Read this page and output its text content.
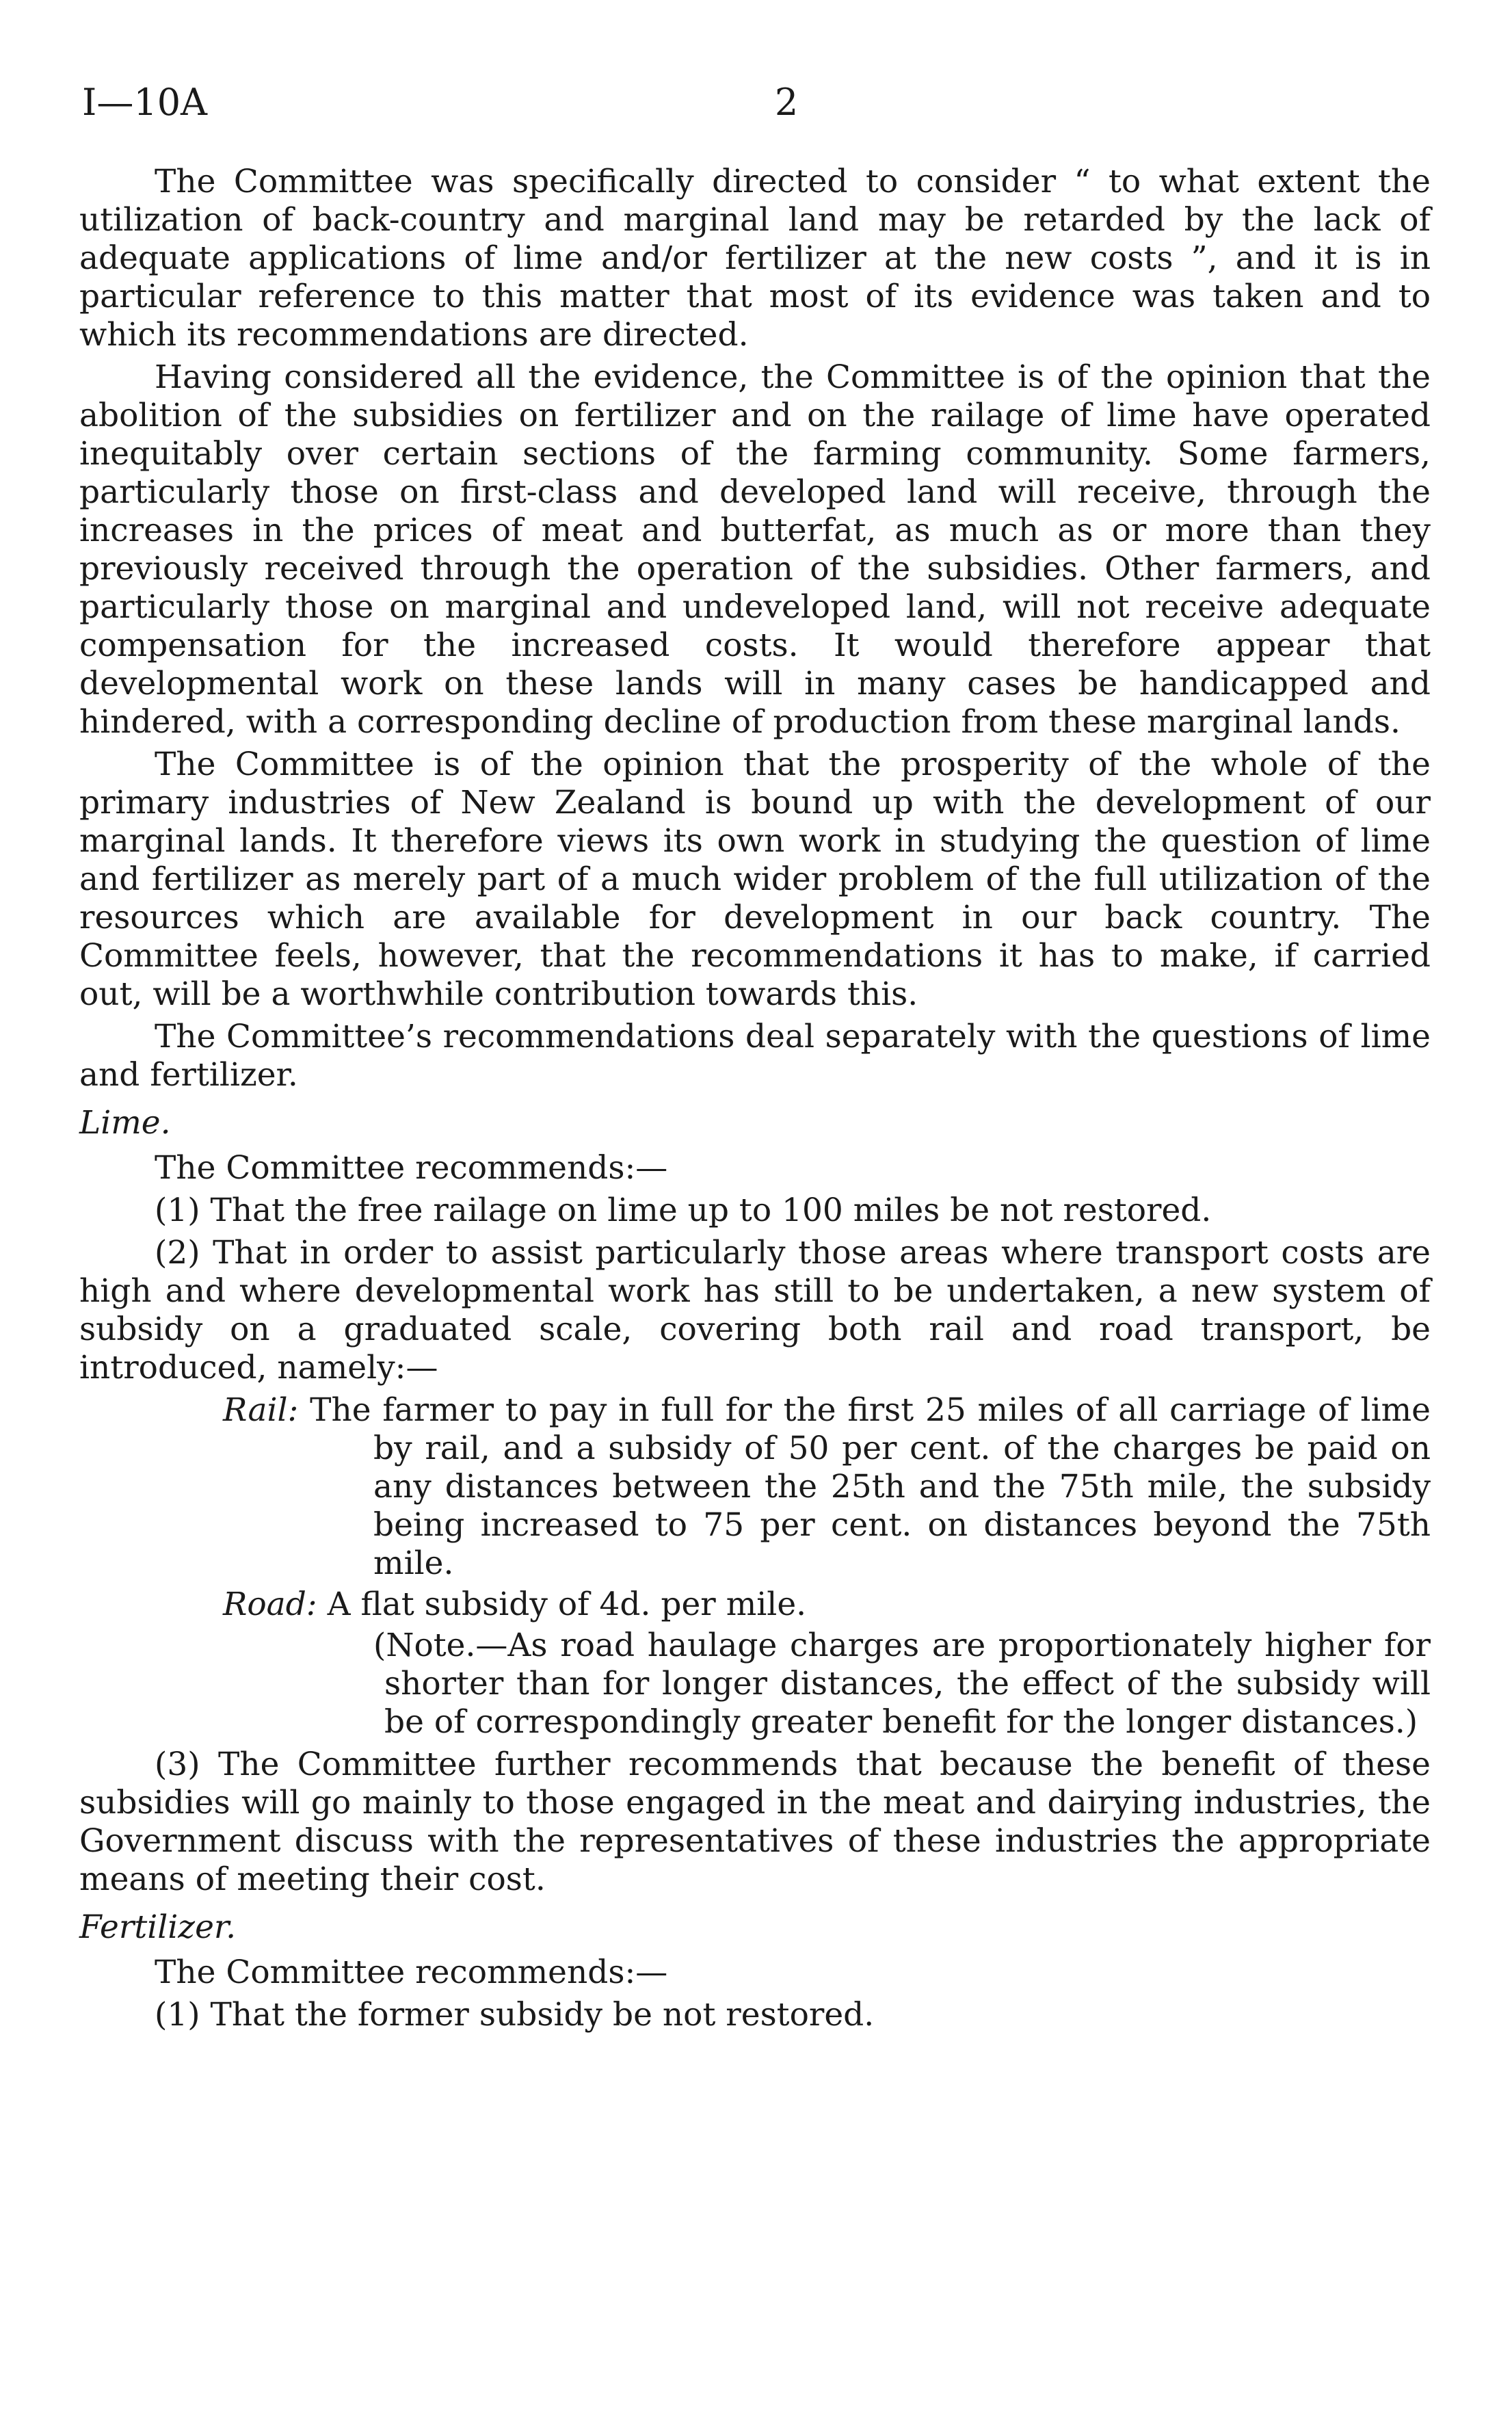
I—10A	2

The Committee was specifically directed to consider “ to what extent the utilization of back-country and marginal land may be retarded by the lack of adequate applications of lime and/or fertilizer at the new costs ”, and it is in particular reference to this matter that most of its evidence was taken and to which its recommendations are directed.

Having considered all the evidence, the Committee is of the opinion that the abolition of the subsidies on fertilizer and on the railage of lime have operated inequitably over certain sections of the farming community. Some farmers, particularly those on first-class and developed land will receive, through the increases in the prices of meat and butterfat, as much as or more than they previously received through the operation of the subsidies. Other farmers, and particularly those on marginal and undeveloped land, will not receive adequate compensation for the increased costs. It would therefore appear that developmental work on these lands will in many cases be handicapped and hindered, with a corresponding decline of production from these marginal lands.

The Committee is of the opinion that the prosperity of the whole of the primary industries of New Zealand is bound up with the development of our marginal lands. It therefore views its own work in studying the question of lime and fertilizer as merely part of a much wider problem of the full utilization of the resources which are available for development in our back country. The Committee feels, however, that the recommendations it has to make, if carried out, will be a worthwhile contribution towards this.

The Committee’s recommendations deal separately with the questions of lime and fertilizer.

Lime.

The Committee recommends:—

(1) That the free railage on lime up to 100 miles be not restored.

(2) That in order to assist particularly those areas where transport costs are high and where developmental work has still to be undertaken, a new system of subsidy on a graduated scale, covering both rail and road transport, be introduced, namely:—

Rail: The farmer to pay in full for the first 25 miles of all carriage of lime by rail, and a subsidy of 50 per cent. of the charges be paid on any distances between the 25th and the 75th mile, the subsidy being increased to 75 per cent. on distances beyond the 75th mile.
Road: A flat subsidy of 4d. per mile.
(Note.—As road haulage charges are proportionately higher for shorter than for longer distances, the effect of the subsidy will be of correspondingly greater benefit for the longer distances.)

(3) The Committee further recommends that because the benefit of these subsidies will go mainly to those engaged in the meat and dairying industries, the Government discuss with the representatives of these industries the appropriate means of meeting their cost.

Fertilizer.

The Committee recommends:—

(1) That the former subsidy be not restored.
